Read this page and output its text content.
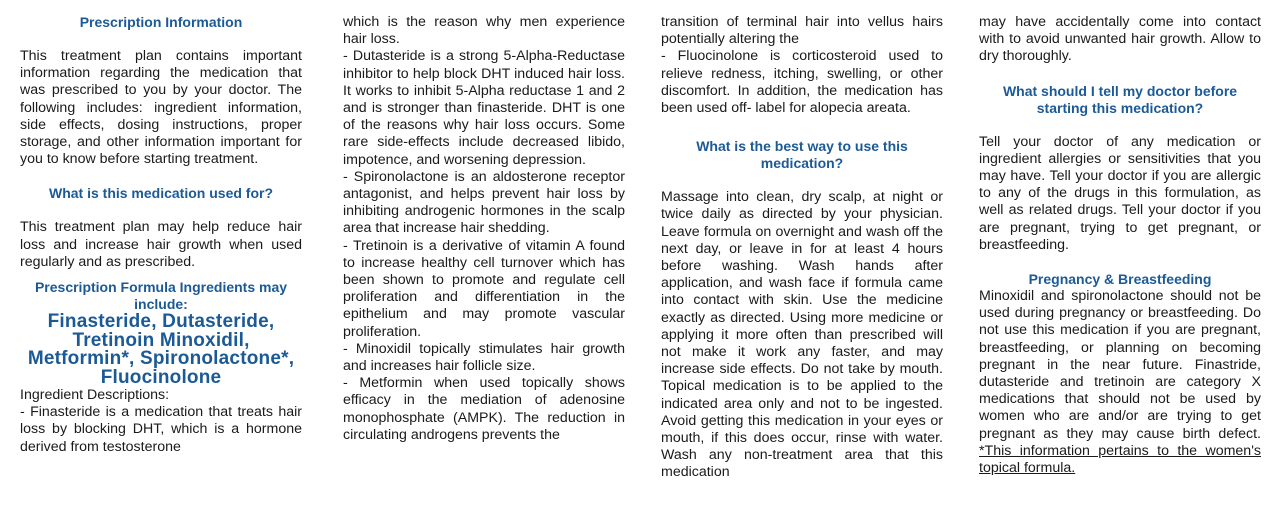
Prescription Information

This treatment plan contains important information regarding the medication that was prescribed to you by your doctor. The following includes: ingredient information, side effects, dosing instructions, proper storage, and other information important for you to know before starting treatment.

What is this medication used for?

This treatment plan may help reduce hair loss and increase hair growth when used regularly and as prescribed.

Prescription Formula Ingredients may include:
Finasteride, Dutasteride, Tretinoin Minoxidil, Metformin*, Spironolactone*, Fluocinolone

Ingredient Descriptions:

- Finasteride is a medication that treats hair loss by blocking DHT, which is a hormone derived from testosterone

which is the reason why men experience hair loss.

- Dutasteride is a strong 5-Alpha-Reductase inhibitor to help block DHT induced hair loss. It works to inhibit 5-Alpha reductase 1 and 2 and is stronger than finasteride. DHT is one of the reasons why hair loss occurs. Some rare side-effects include decreased libido, impotence, and worsening depression.

- Spironolactone is an aldosterone receptor antagonist, and helps prevent hair loss by inhibiting androgenic hormones in the scalp area that increase hair shedding.

- Tretinoin is a derivative of vitamin A found to increase healthy cell turnover which has been shown to promote and regulate cell proliferation and differentiation in the epithelium and may promote vascular proliferation.

- Minoxidil topically stimulates hair growth and increases hair follicle size.

- Metformin when used topically shows efficacy in the mediation of adenosine monophosphate (AMPK). The reduction in circulating androgens prevents the

transition of terminal hair into vellus hairs potentially altering the

- Fluocinolone is corticosteroid used to relieve redness, itching, swelling, or other discomfort. In addition, the medication has been used off- label for alopecia areata.

What is the best way to use this medication?

Massage into clean, dry scalp, at night or twice daily as directed by your physician. Leave formula on overnight and wash off the next day, or leave in for at least 4 hours before washing. Wash hands after application, and wash face if formula came into contact with skin. Use the medicine exactly as directed. Using more medicine or applying it more often than prescribed will not make it work any faster, and may increase side effects. Do not take by mouth. Topical medication is to be applied to the indicated area only and not to be ingested. Avoid getting this medication in your eyes or mouth, if this does occur, rinse with water. Wash any non-treatment area that this medication

may have accidentally come into contact with to avoid unwanted hair growth. Allow to dry thoroughly.

What should I tell my doctor before starting this medication?

Tell your doctor of any medication or ingredient allergies or sensitivities that you may have. Tell your doctor if you are allergic to any of the drugs in this formulation, as well as related drugs. Tell your doctor if you are pregnant, trying to get pregnant, or breastfeeding.

Pregnancy & Breastfeeding

Minoxidil and spironolactone should not be used during pregnancy or breastfeeding. Do not use this medication if you are pregnant, breastfeeding, or planning on becoming pregnant in the near future. Finastride, dutasteride and tretinoin are category X medications that should not be used by women who are and/or are trying to get pregnant as they may cause birth defect. *This information pertains to the women's topical formula.
